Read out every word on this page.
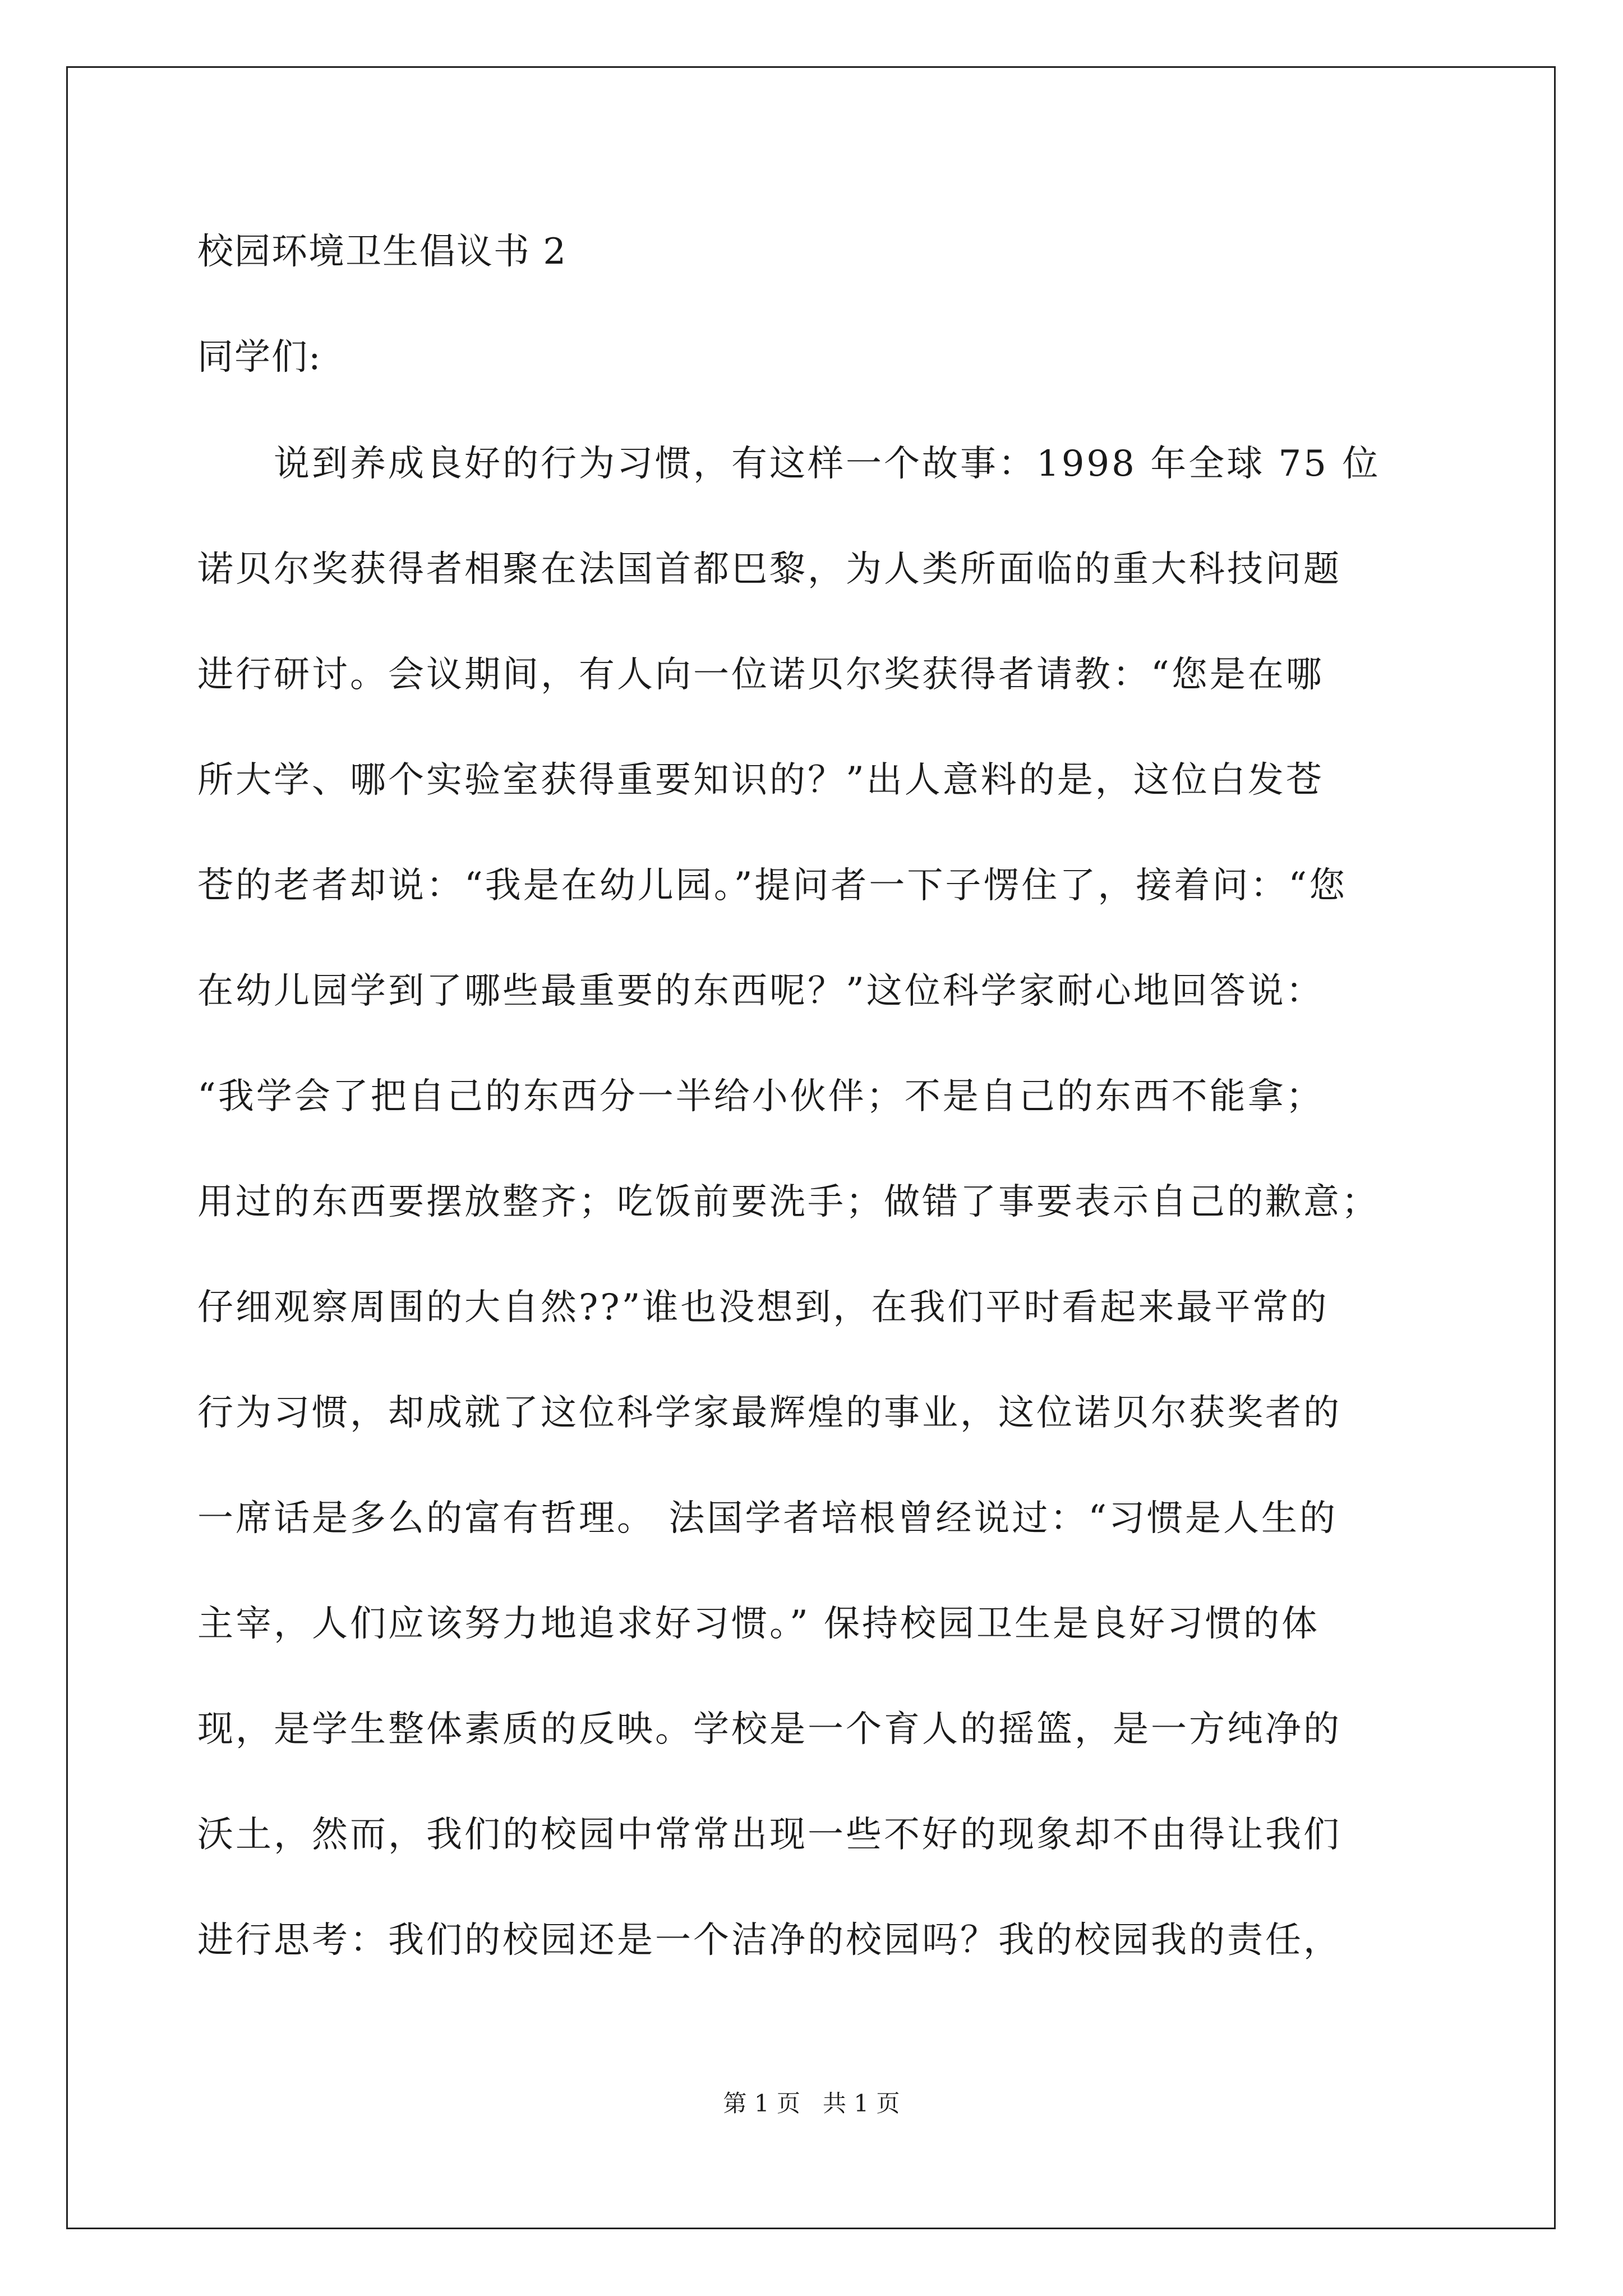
校园环境卫生倡议书 2
同学们:
说到养成良好的行为习惯，有这样一个故事：1998 年全球 75 位
诺贝尔奖获得者相聚在法国首都巴黎，为人类所面临的重大科技问题
进行研讨。会议期间，有人向一位诺贝尔奖获得者请教：“您是在哪
所大学、哪个实验室获得重要知识的？”出人意料的是，这位白发苍
苍的老者却说：“我是在幼儿园。”提问者一下子愣住了，接着问：“您
在幼儿园学到了哪些最重要的东西呢？”这位科学家耐心地回答说：
“我学会了把自己的东西分一半给小伙伴；不是自己的东西不能拿；
用过的东西要摆放整齐；吃饭前要洗手；做错了事要表示自己的歉意；
仔细观察周围的大自然??”谁也没想到，在我们平时看起来最平常的
行为习惯，却成就了这位科学家最辉煌的事业，这位诺贝尔获奖者的
一席话是多么的富有哲理。 法国学者培根曾经说过：“习惯是人生的
主宰，人们应该努力地追求好习惯。” 保持校园卫生是良好习惯的体
现，是学生整体素质的反映。学校是一个育人的摇篮，是一方纯净的
沃土，然而，我们的校园中常常出现一些不好的现象却不由得让我们
进行思考：我们的校园还是一个洁净的校园吗？我的校园我的责任，
第 1 页   共 1 页
